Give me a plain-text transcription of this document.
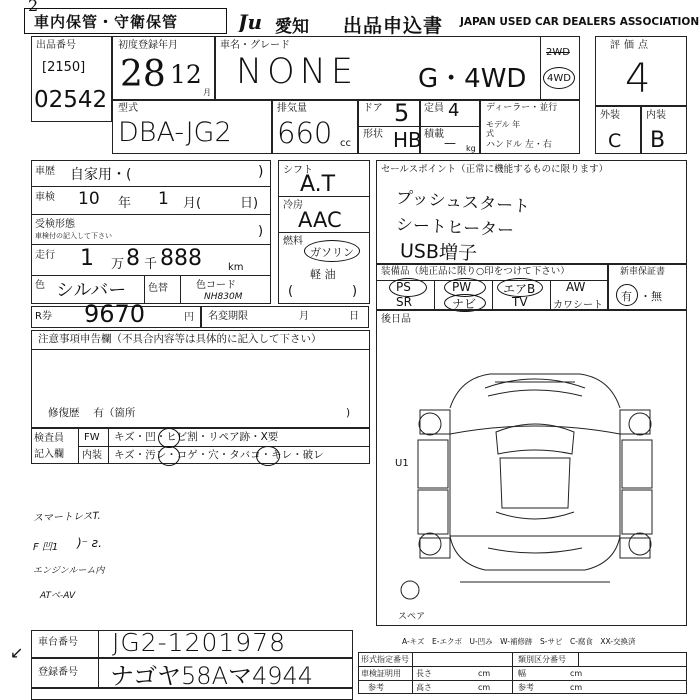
車内保管・守衛保管
2
Ju 愛知 出品申込書 JAPAN USED CAR DEALERS ASSOCIATION
出品番号
[2150]
02542
初度登録年月
28 12
月
車名・グレード
NONE G・4WD
2WD
4WD
評価点
4
型式
DBA-JG2
排気量
660 cc
ドア 5
形状 HB
定員 4
積載
— kg
ディーラー・並行
モデル 年式
ハンドル 左・右
外装
C
内装
B
車歴 自家用・(	)
車検 10 年 1 月(	日)
受検形態
車検付の記入して下さい	)
走行 1 万 8 千 888	km
色 シルバー 色替	色コード
NH830M
シフト
A.T
冷房
AAC
燃料
ガソリン
軽 油
(	)
セールスポイント（正常に機能するものに限ります）
プッシュスタート
シートヒーター
USB増子
装備品（純正品に限り○印をつけて下さい）
PS	PW	エアB	AW
SR	ナビ	TV	カワシート
新車保証書
有 ・無
R券 9670	円 名変期限	月	日
注意事項申告欄（不具合内容等は具体的に記入して下さい）
修復歴　 有（箇所	)
検査員
記入欄
FW キズ・凹・ヒビ割・リペア跡・X要
内装 キズ・汚レ・コゲ・穴・タバコ・キレ・破レ
スマートレスT.
F 凹1 )⁻ ƨ.
エンジンルーム内
ATベ-AV
後日品
U1
スペア
A-キズ　E-エクボ　U-凹み　W-補修跡　S-サビ　C-腐食　XX-交換済
車台番号 JG2-1201978
登録番号 ナゴヤ58Aマ4944
↙	形式指定番号	類別区分番号
車検証明用 長さ	cm	幅	cm
参考	高さ	cm	参考	cm
